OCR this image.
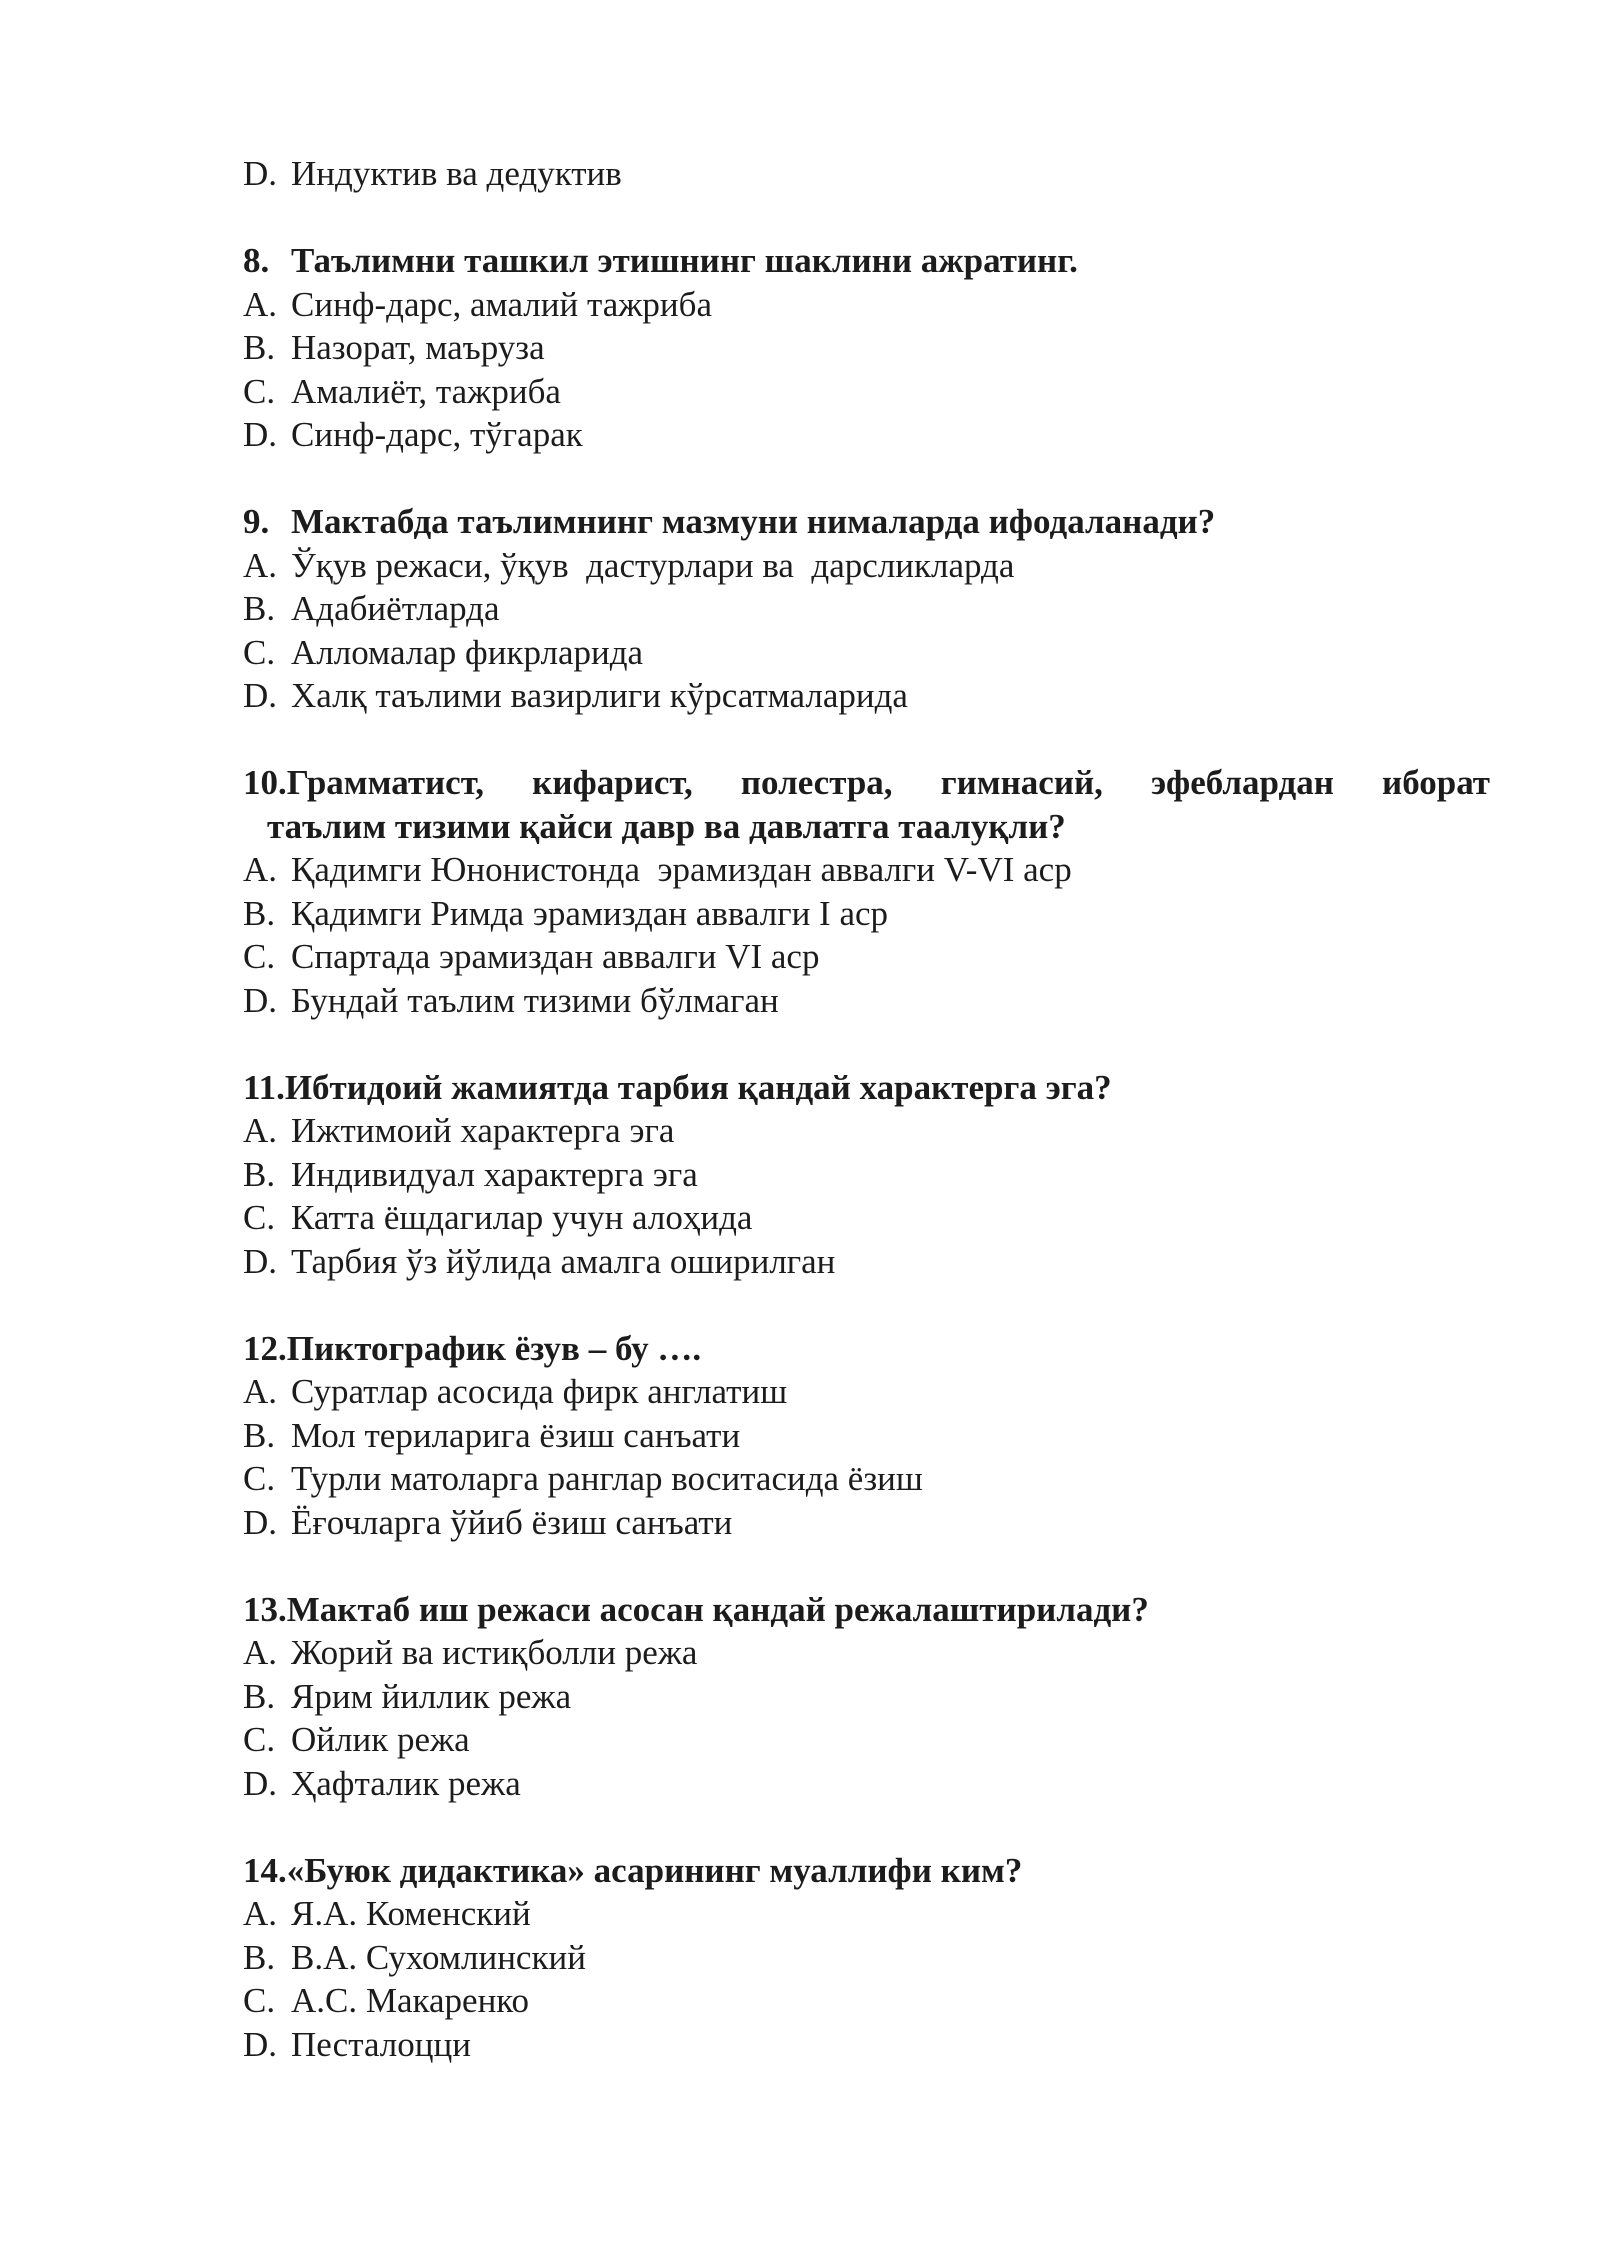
D. Индуктив ва дедуктив
8. Таълимни ташкил этишнинг шаклини ажратинг.
A. Синф-дарс, амалий тажриба
B. Назорат, маъруза
C. Амалиёт, тажриба
D. Синф-дарс, тўгарак
9. Мактабда таълимнинг мазмуни нималарда ифодаланади?
A. Ўқув режаси, ўқув  дастурлари ва  дарсликларда
B. Адабиётларда
C. Алломалар фикрларида
D. Халқ таълими вазирлиги кўрсатмаларида
10. Грамматист, кифарист, полестра, гимнасий, эфеблардан иборат
таълим тизими қайси давр ва давлатга таалуқли?
A. Қадимги Юнонистонда  эрамиздан аввалги V-VI аср
B. Қадимги Римда эрамиздан аввалги I аср
C. Спартада эрамиздан аввалги VI аср
D. Бундай таълим тизими бўлмаган
11. Ибтидоий жамиятда тарбия қандай характерга эга?
A. Ижтимоий характерга эга
B. Индивидуал характерга эга
C. Катта ёшдагилар учун алоҳида
D. Тарбия ўз йўлида амалга оширилган
12. Пиктографик ёзув – бу ….
A. Суратлар асосида фирк англатиш
B. Мол териларига ёзиш санъати
C. Турли матоларга ранглар воситасида ёзиш
D. Ёғочларга ўйиб ёзиш санъати
13. Мактаб иш режаси асосан қандай режалаштирилади?
A. Жорий ва истиқболли режа
B. Ярим йиллик режа
C. Ойлик режа
D. Ҳафталик режа
14. «Буюк дидактика» асарининг муаллифи ким?
A. Я.А. Коменский
B. В.А. Сухомлинский
C. А.С. Макаренко
D. Песталоцци
